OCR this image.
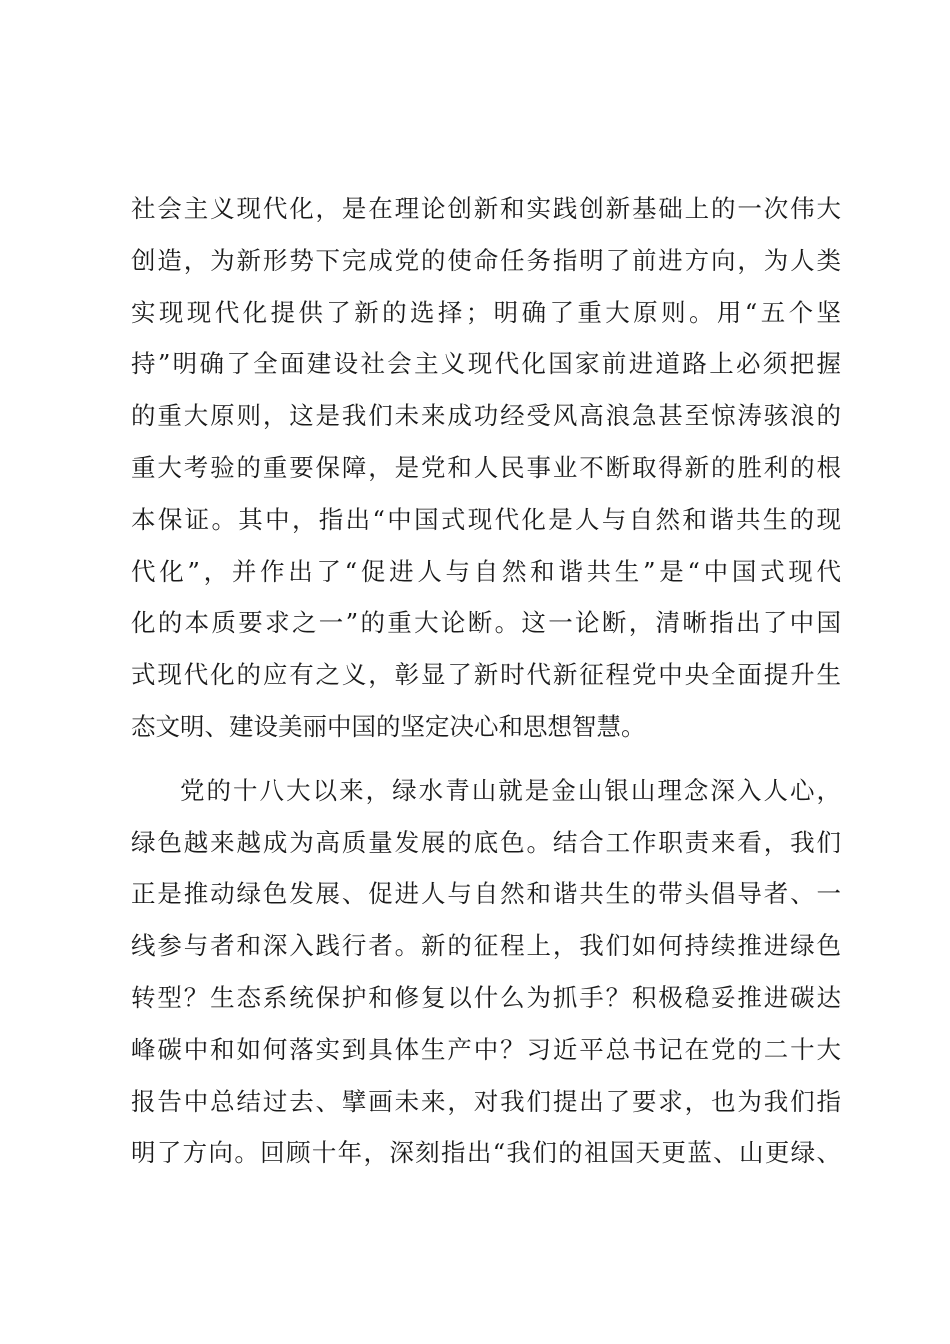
社会主义现代化，是在理论创新和实践创新基础上的一次伟大
创造，为新形势下完成党的使命任务指明了前进方向，为人类
实现现代化提供了新的选择；明确了重大原则。用“五个坚
持”明确了全面建设社会主义现代化国家前进道路上必须把握
的重大原则，这是我们未来成功经受风高浪急甚至惊涛骇浪的
重大考验的重要保障，是党和人民事业不断取得新的胜利的根
本保证。其中，指出“中国式现代化是人与自然和谐共生的现
代化”，并作出了“促进人与自然和谐共生”是“中国式现代
化的本质要求之一”的重大论断。这一论断，清晰指出了中国
式现代化的应有之义，彰显了新时代新征程党中央全面提升生
态文明、建设美丽中国的坚定决心和思想智慧。
党的十八大以来，绿水青山就是金山银山理念深入人心，
绿色越来越成为高质量发展的底色。结合工作职责来看，我们
正是推动绿色发展、促进人与自然和谐共生的带头倡导者、一
线参与者和深入践行者。新的征程上，我们如何持续推进绿色
转型？生态系统保护和修复以什么为抓手？积极稳妥推进碳达
峰碳中和如何落实到具体生产中？习近平总书记在党的二十大
报告中总结过去、擘画未来，对我们提出了要求，也为我们指
明了方向。回顾十年，深刻指出“我们的祖国天更蓝、山更绿、
